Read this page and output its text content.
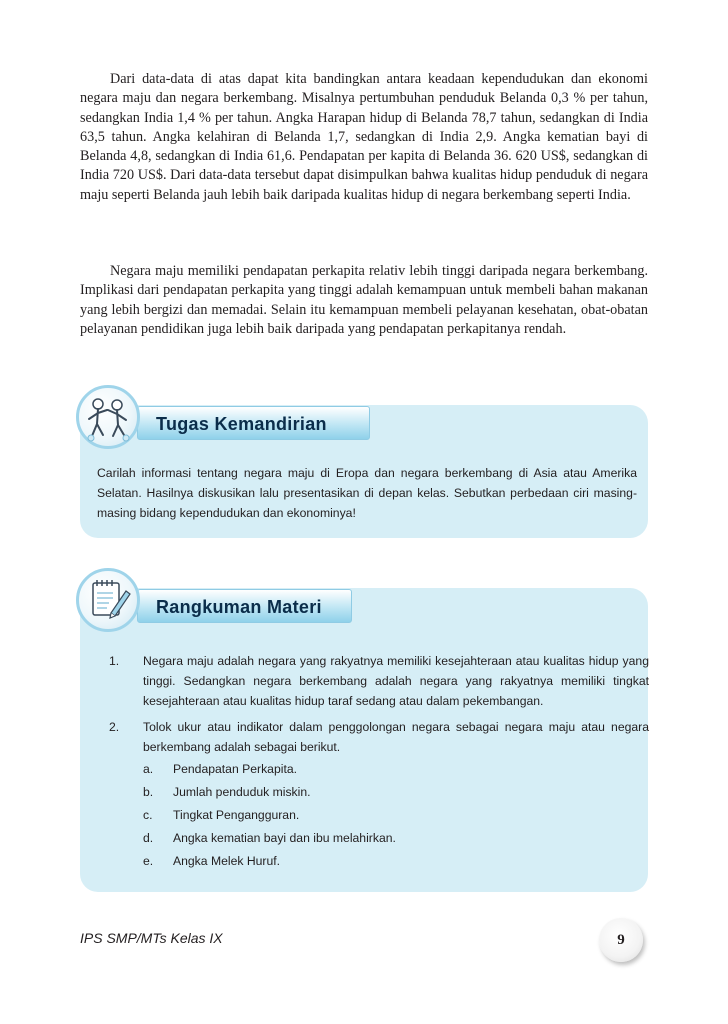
Dari data-data di atas dapat kita bandingkan antara keadaan kependudukan dan ekonomi negara maju dan negara berkembang. Misalnya pertumbuhan penduduk Belanda 0,3 % per tahun, sedangkan India 1,4 % per tahun. Angka Harapan hidup di Belanda 78,7 tahun, sedangkan di India 63,5 tahun. Angka kelahiran di Belanda 1,7, sedangkan di India 2,9. Angka kematian bayi di Belanda 4,8, sedangkan di India 61,6. Pendapatan per kapita di Belanda 36. 620 US$, sedangkan di India 720 US$. Dari data-data tersebut dapat disimpulkan bahwa kualitas hidup penduduk di negara maju seperti Belanda jauh lebih baik daripada kualitas hidup di negara berkembang seperti India.

Negara maju memiliki pendapatan perkapita relativ lebih tinggi daripada negara berkembang. Implikasi dari pendapatan perkapita yang tinggi adalah kemampuan untuk membeli bahan makanan yang lebih bergizi dan memadai. Selain itu kemampuan membeli pelayanan kesehatan, obat-obatan pelayanan pendidikan juga lebih baik daripada yang pendapatan perkapitanya rendah.

Tugas Kemandirian

Carilah informasi tentang negara maju di Eropa dan negara berkembang di Asia atau Amerika Selatan. Hasilnya diskusikan lalu presentasikan di depan kelas. Sebutkan perbedaan ciri masing-masing bidang kependudukan dan ekonominya!

Rangkuman Materi
1. Negara maju adalah negara yang rakyatnya memiliki kesejahteraan atau kualitas hidup yang tinggi. Sedangkan negara berkembang adalah negara yang rakyatnya memiliki tingkat kesejahteraan atau kualitas hidup taraf sedang atau dalam pekembangan.
2. Tolok ukur atau indikator dalam penggolongan negara sebagai negara maju atau negara berkembang adalah sebagai berikut.
a. Pendapatan Perkapita.
b. Jumlah penduduk miskin.
c. Tingkat Pengangguran.
d. Angka kematian bayi dan ibu melahirkan.
e. Angka Melek Huruf.
IPS SMP/MTs Kelas IX	9
